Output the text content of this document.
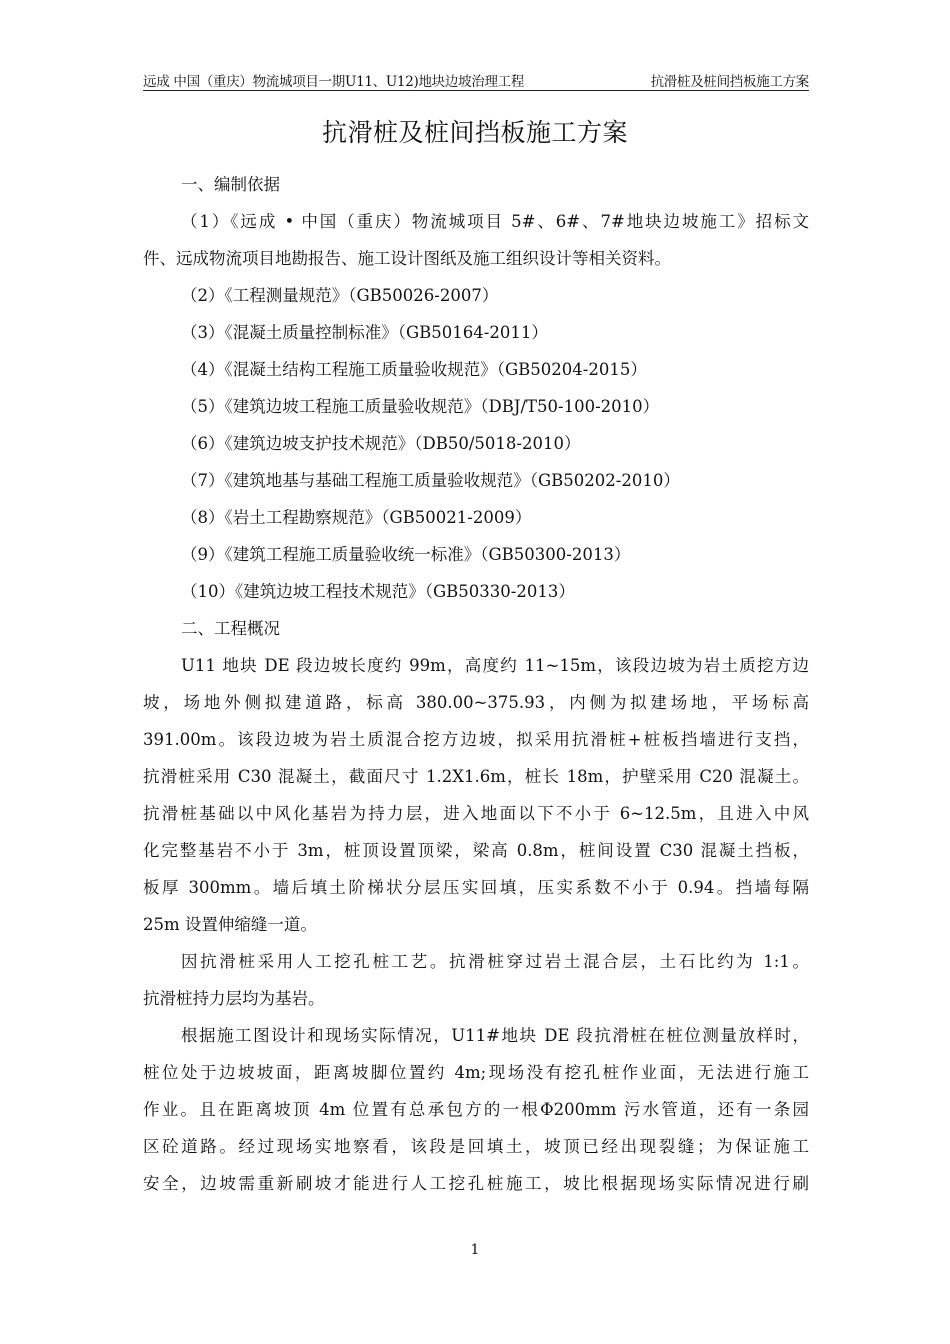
远成 中国（重庆）物流城项目一期U11、U12)地块边坡治理工程	抗滑桩及桩间挡板施工方案
抗滑桩及桩间挡板施工方案
一、编制依据
（1）《远成 • 中国（重庆）物流城项目 5#、6#、7#地块边坡施工》招标文
件、远成物流项目地勘报告、施工设计图纸及施工组织设计等相关资料。
（2）《工程测量规范》（GB50026-2007）
（3）《混凝土质量控制标准》（GB50164-2011）
（4）《混凝土结构工程施工质量验收规范》（GB50204-2015）
（5）《建筑边坡工程施工质量验收规范》（DBJ/T50-100-2010）
（6）《建筑边坡支护技术规范》（DB50/5018-2010）
（7）《建筑地基与基础工程施工质量验收规范》（GB50202-2010）
（8）《岩土工程勘察规范》（GB50021-2009）
（9）《建筑工程施工质量验收统一标准》（GB50300-2013）
（10）《建筑边坡工程技术规范》（GB50330-2013）
二、工程概况
U11 地块 DE 段边坡长度约 99m，高度约 11~15m，该段边坡为岩土质挖方边
坡，场地外侧拟建道路，标高 380.00~375.93，内侧为拟建场地，平场标高
391.00m。该段边坡为岩土质混合挖方边坡，拟采用抗滑桩+桩板挡墙进行支挡，
抗滑桩采用 C30 混凝土，截面尺寸 1.2X1.6m，桩长 18m，护壁采用 C20 混凝土。
抗滑桩基础以中风化基岩为持力层，进入地面以下不小于 6~12.5m，且进入中风
化完整基岩不小于 3m，桩顶设置顶梁，梁高 0.8m，桩间设置 C30 混凝土挡板，
板厚 300mm。墙后填土阶梯状分层压实回填，压实系数不小于 0.94。挡墙每隔
25m 设置伸缩缝一道。
因抗滑桩采用人工挖孔桩工艺。抗滑桩穿过岩土混合层，土石比约为 1:1。
抗滑桩持力层均为基岩。
根据施工图设计和现场实际情况，U11#地块 DE 段抗滑桩在桩位测量放样时，
桩位处于边坡坡面，距离坡脚位置约 4m;现场没有挖孔桩作业面，无法进行施工
作业。且在距离坡顶 4m 位置有总承包方的一根Φ200mm 污水管道，还有一条园
区砼道路。经过现场实地察看，该段是回填土，坡顶已经出现裂缝；为保证施工
安全，边坡需重新刷坡才能进行人工挖孔桩施工，坡比根据现场实际情况进行刷
1
